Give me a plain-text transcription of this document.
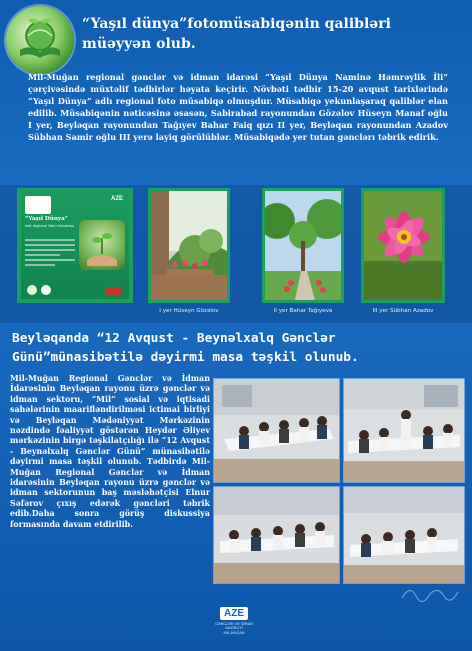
“Yaşıl dünya”fotomüsabiqənin qalibləri müəyyən olub.
Mil-Muğan regional gənclər və idman idarəsi “Yaşıl Dünya Naminə Həmrəylik İli” çərçivəsində müxtəlif tədbirlər həyata keçirir. Növbəti tədbir 15-20 avqust tarixlərində “Yaşıl Dünya” adlı regional foto müsabiqə olmuşdur. Müsabiqə yekunlaşaraq qaliblər elan edilib. Müsabiqənin nəticəsinə əsasən, Sabirabad rayonundan Gözəlov Hüseyn Manaf oğlu I yer, Beyləqan rayonundan Tağıyev Bahar Faiq qızı II yer, Beyləqan rayonundan Azadov Sübhan Samir oğlu III yerə layiq görülüblər. Müsabiqədə yer tutan gənclərı təbrik edirik.
AZE
“Yaşıl Dünya”
adlı regional foto müsabiqə
I yer Hüseyn Gözəlov	II yer Bahar Tağıyeva	III yer Sübhan Azadov
Beyləqanda “12 Avqust - Beynəlxalq Gənclər Günü”münasibətilə dəyirmi masa təşkil olunub.
Mil-Muğan Regional Gənclər və İdman İdarəsinin Beyləqan rayonu üzrə gənclər və idman sektoru, “Mil” sosial və iqtisadi sahələrinin maarifləndirilməsi ictimai birliyi və Beyləqan Mədəniyyət Mərkəzinin nəzdində fəaliyyət göstərən Heydər Əliyev mərkəzinin birgə təşkilatçılığı ilə “12 Avqust - Beynəlxalq Gənclər Günü” münasibətilə dəyirmi masa təşkil olunub. Tədbirdə Mil-Muğan Regional Gənclər və İdman idarəsinin Beyləqan rayonu üzrə gənclər və idman sektorunun baş məsləhətçisi Elnur Səfərov çıxış edərək gəncləri təbrik edib.Daha sonra görüş diskussiya formasında davam etdirilib.
AZE
GƏNCLƏR VƏ İDMAN NAZİRLİYİ
MİL-MUĞAN
